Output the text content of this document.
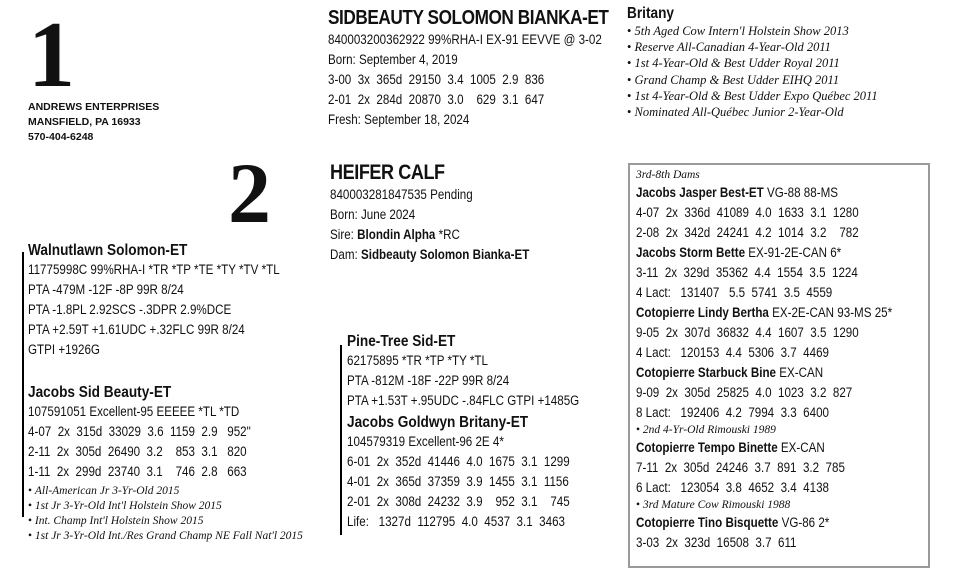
1
ANDREWS ENTERPRISES
MANSFIELD, PA 16933
570-404-6248
SIDBEAUTY SOLOMON BIANKA-ET
840003200362922 99%RHA-I EX-91 EEVVE @ 3-02
Born: September 4, 2019
3-00  3x  365d  29150  3.4  1005  2.9  836
2-01  2x  284d  20870  3.0    629  3.1  647
Fresh: September 18, 2024
Britany
• 5th Aged Cow Intern'l Holstein Show 2013
• Reserve All-Canadian 4-Year-Old 2011
• 1st 4-Year-Old & Best Udder Royal 2011
• Grand Champ & Best Udder EIHQ 2011
• 1st 4-Year-Old & Best Udder Expo Québec 2011
• Nominated All-Québec Junior 2-Year-Old
2	HEIFER CALF
840003281847535 Pending
Born: June 2024
Sire: Blondin Alpha *RC
Dam: Sidbeauty Solomon Bianka-ET
Walnutlawn Solomon-ET
11775998C 99%RHA-I *TR *TP *TE *TY *TV *TL
PTA -479M -12F -8P 99R 8/24
PTA -1.8PL 2.92SCS -.3DPR 2.9%DCE
PTA +2.59T +1.61UDC +.32FLC 99R 8/24
GTPI +1926G
Jacobs Sid Beauty-ET
107591051 Excellent-95 EEEEE *TL *TD
4-07  2x  315d  33029  3.6  1159  2.9   952"
2-11  2x  305d  26490  3.2    853  3.1   820
1-11  2x  299d  23740  3.1    746  2.8   663
• All-American Jr 3-Yr-Old 2015
• 1st Jr 3-Yr-Old Int'l Holstein Show 2015
• Int. Champ Int'l Holstein Show 2015
• 1st Jr 3-Yr-Old Int./Res Grand Champ NE Fall Nat'l 2015
Pine-Tree Sid-ET
62175895 *TR *TP *TY *TL
PTA -812M -18F -22P 99R 8/24
PTA +1.53T +.95UDC -.84FLC GTPI +1485G
Jacobs Goldwyn Britany-ET
104579319 Excellent-96 2E 4*
6-01  2x  352d  41446  4.0  1675  3.1  1299
4-01  2x  365d  37359  3.9  1455  3.1  1156
2-01  2x  308d  24232  3.9    952  3.1    745
Life:   1327d  112795  4.0  4537  3.1  3463
3rd-8th Dams
Jacobs Jasper Best-ET VG-88 88-MS
4-07  2x  336d  41089  4.0  1633  3.1  1280
2-08  2x  342d  24241  4.2  1014  3.2    782
Jacobs Storm Bette EX-91-2E-CAN 6*
3-11  2x  329d  35362  4.4  1554  3.5  1224
4 Lact:   131407   5.5  5741  3.5  4559
Cotopierre Lindy Bertha EX-2E-CAN 93-MS 25*
9-05  2x  307d  36832  4.4  1607  3.5  1290
4 Lact:   120153  4.4  5306  3.7  4469
Cotopierre Starbuck Bine EX-CAN
9-09  2x  305d  25825  4.0  1023  3.2  827
8 Lact:   192406  4.2  7994  3.3  6400
• 2nd 4-Yr-Old Rimouski 1989
Cotopierre Tempo Binette EX-CAN
7-11  2x  305d  24246  3.7  891  3.2  785
6 Lact:   123054  3.8  4652  3.4  4138
• 3rd Mature Cow Rimouski 1988
Cotopierre Tino Bisquette VG-86 2*
3-03  2x  323d  16508  3.7  611
